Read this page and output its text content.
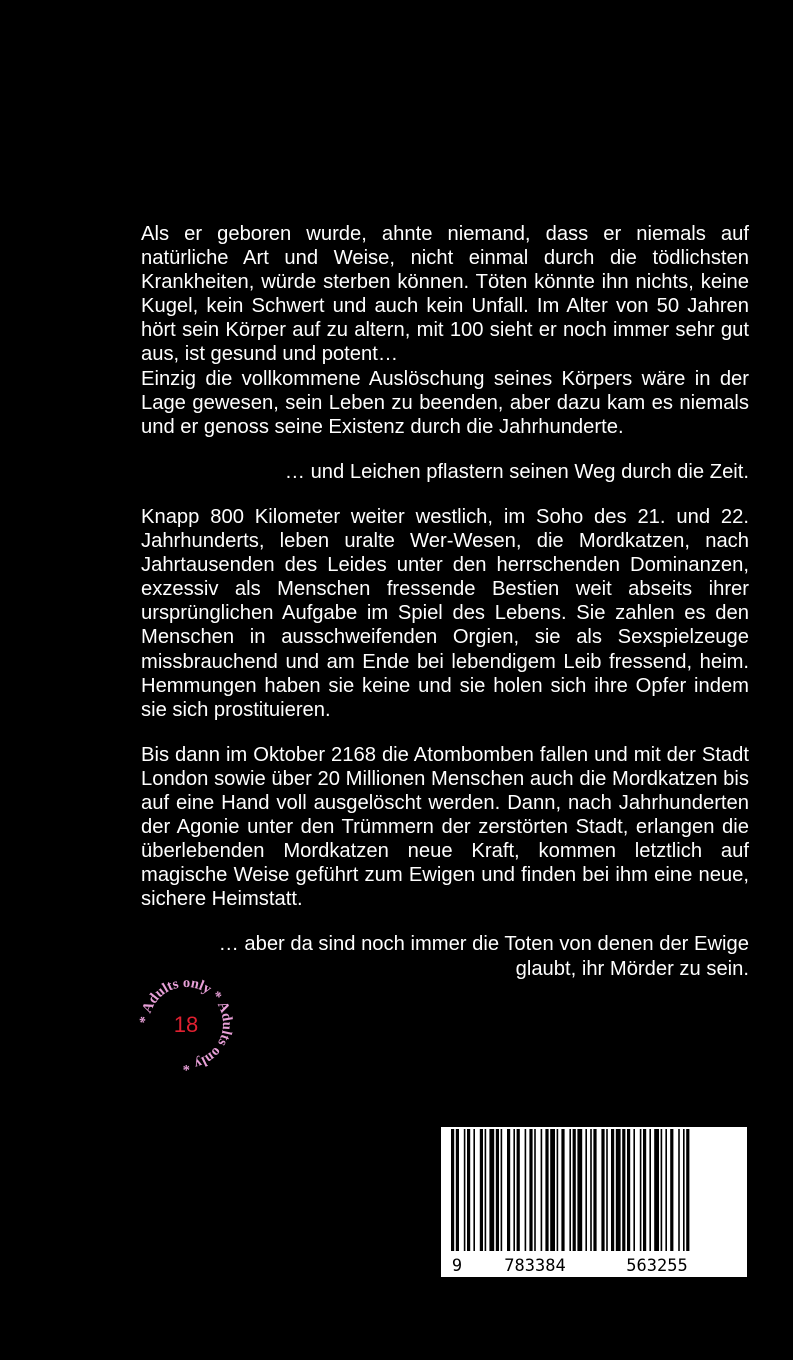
Als er geboren wurde, ahnte niemand, dass er niemals auf natürliche Art und Weise, nicht einmal durch die tödlichsten Krankheiten, würde sterben können. Töten könnte ihn nichts, keine Kugel, kein Schwert und auch kein Unfall. Im Alter von 50 Jahren hört sein Körper auf zu altern, mit 100 sieht er noch immer sehr gut aus, ist gesund und potent…

Einzig die vollkommene Auslöschung seines Körpers wäre in der Lage gewesen, sein Leben zu beenden, aber dazu kam es niemals und er genoss seine Existenz durch die Jahrhunderte.

… und Leichen pflastern seinen Weg durch die Zeit.

Knapp 800 Kilometer weiter westlich, im Soho des 21. und 22. Jahrhunderts, leben uralte Wer-Wesen, die Mordkatzen, nach Jahrtausenden des Leides unter den herrschenden Dominanzen, exzessiv als Menschen fressende Bestien weit abseits ihrer ursprünglichen Aufgabe im Spiel des Lebens. Sie zahlen es den Menschen in ausschweifenden Orgien, sie als Sexspielzeuge missbrauchend und am Ende bei lebendigem Leib fressend, heim. Hemmungen haben sie keine und sie holen sich ihre Opfer indem sie sich prostituieren.

Bis dann im Oktober 2168 die Atombomben fallen und mit der Stadt London sowie über 20 Millionen Menschen auch die Mordkatzen bis auf eine Hand voll ausgelöscht werden. Dann, nach Jahrhunderten der Agonie unter den Trümmern der zerstörten Stadt, erlangen die überlebenden Mordkatzen neue Kraft, kommen letztlich auf magische Weise geführt zum Ewigen und finden bei ihm eine neue, sichere Heimstatt.

… aber da sind noch immer die Toten von denen der Ewige
glaubt, ihr Mörder zu sein.

* Adults only * Adults only *
18
9 783384	563255
